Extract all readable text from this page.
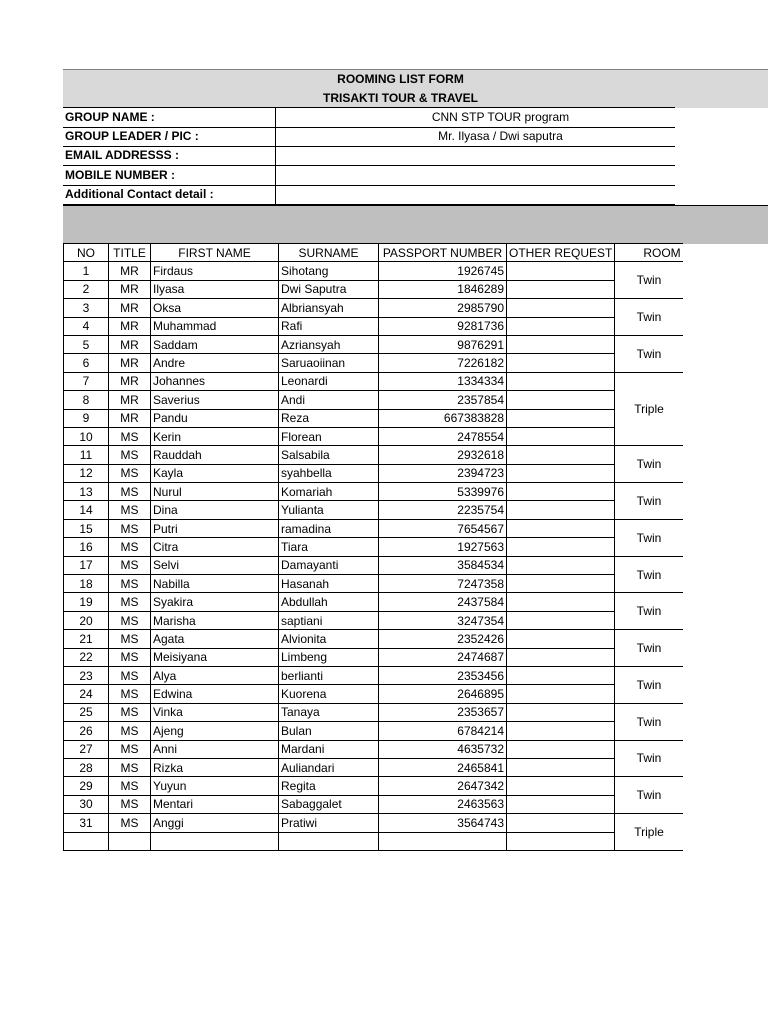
ROOMING LIST FORM
TRISAKTI TOUR & TRAVEL
GROUP NAME :	CNN STP TOUR program
GROUP LEADER / PIC :	Mr. Ilyasa / Dwi saputra
EMAIL ADDRESSS :
MOBILE NUMBER :
Additional Contact detail :
NO	TITLE	FIRST NAME	SURNAME	PASSPORT NUMBER	OTHER REQUEST	ROOM
1	MR	Firdaus	Sihotang	1926745		Twin
2	MR	Ilyasa	Dwi Saputra	1846289		
3	MR	Oksa	Albriansyah	2985790		Twin
4	MR	Muhammad	Rafi	9281736		
5	MR	Saddam	Azriansyah	9876291		Twin
6	MR	Andre	Saruaoiinan	7226182		
7	MR	Johannes	Leonardi	1334334		Triple
8	MR	Saverius	Andi	2357854		
9	MR	Pandu	Reza	667383828		
10	MS	Kerin	Florean	2478554		
11	MS	Rauddah	Salsabila	2932618		Twin
12	MS	Kayla	syahbella	2394723		
13	MS	Nurul	Komariah	5339976		Twin
14	MS	Dina	Yulianta	2235754		
15	MS	Putri	ramadina	7654567		Twin
16	MS	Citra	Tiara	1927563		
17	MS	Selvi	Damayanti	3584534		Twin
18	MS	Nabilla	Hasanah	7247358		
19	MS	Syakira	Abdullah	2437584		Twin
20	MS	Marisha	saptiani	3247354		
21	MS	Agata	Alvionita	2352426		Twin
22	MS	Meisiyana	Limbeng	2474687		
23	MS	Alya	berlianti	2353456		Twin
24	MS	Edwina	Kuorena	2646895		
25	MS	Vinka	Tanaya	2353657		Twin
26	MS	Ajeng	Bulan	6784214		
27	MS	Anni	Mardani	4635732		Twin
28	MS	Rizka	Auliandari	2465841		
29	MS	Yuyun	Regita	2647342		Twin
30	MS	Mentari	Sabaggalet	2463563		
31	MS	Anggi	Pratiwi	3564743		Triple
